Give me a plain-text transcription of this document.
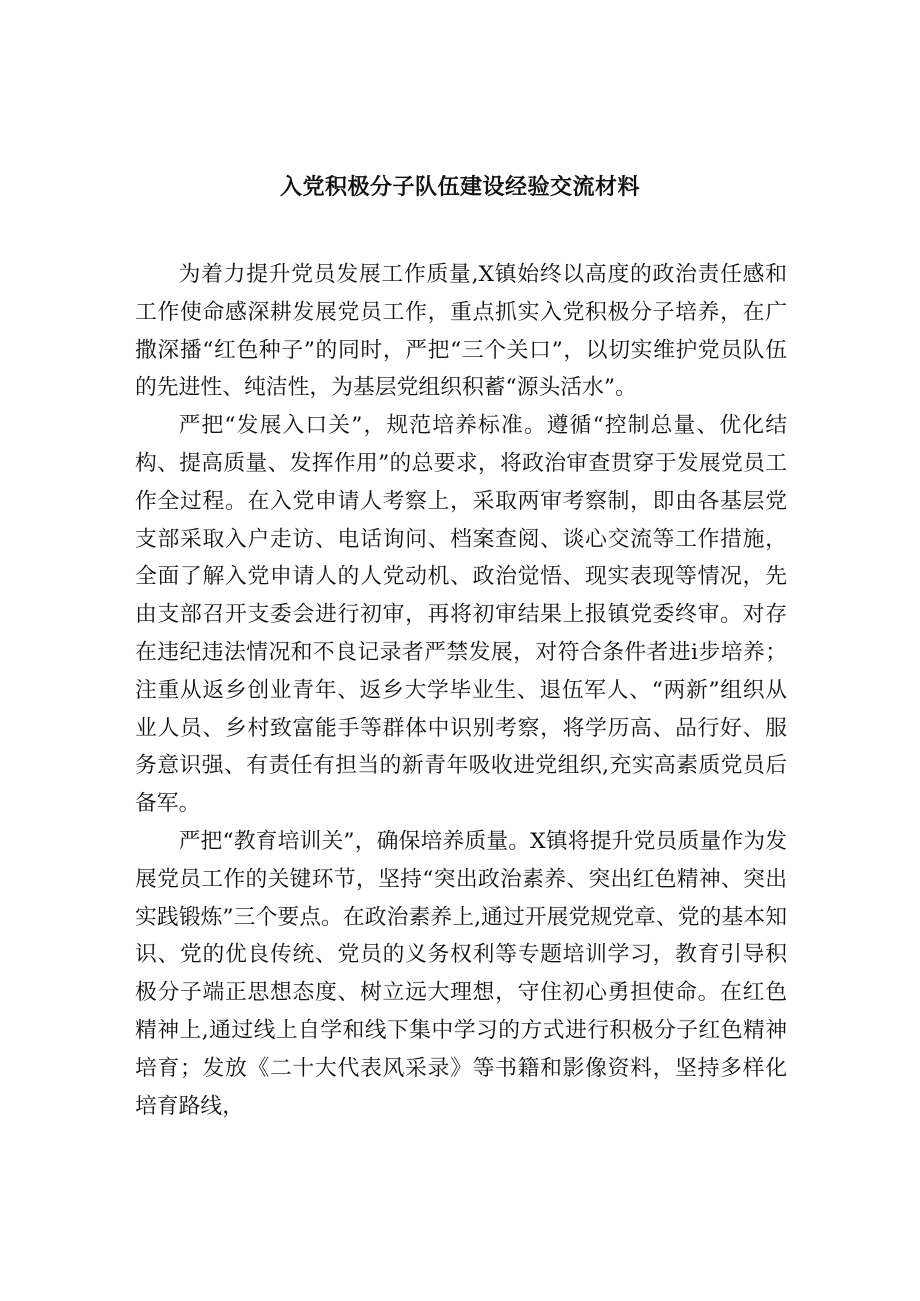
入党积极分子队伍建设经验交流材料

为着力提升党员发展工作质量,X镇始终以高度的政治责任感和工作使命感深耕发展党员工作，重点抓实入党积极分子培养，在广撒深播“红色种子”的同时，严把“三个关口”，以切实维护党员队伍的先进性、纯洁性，为基层党组织积蓄“源头活水”。

严把“发展入口关”，规范培养标准。遵循“控制总量、优化结构、提高质量、发挥作用”的总要求，将政治审查贯穿于发展党员工作全过程。在入党申请人考察上，采取两审考察制，即由各基层党支部采取入户走访、电话询问、档案查阅、谈心交流等工作措施，全面了解入党申请人的人党动机、政治觉悟、现实表现等情况，先由支部召开支委会进行初审，再将初审结果上报镇党委终审。对存在违纪违法情况和不良记录者严禁发展，对符合条件者进i步培养；注重从返乡创业青年、返乡大学毕业生、退伍军人、“两新”组织从业人员、乡村致富能手等群体中识别考察，将学历高、品行好、服务意识强、有责任有担当的新青年吸收进党组织,充实高素质党员后备军。

严把“教育培训关”，确保培养质量。X镇将提升党员质量作为发展党员工作的关键环节，坚持“突出政治素养、突出红色精神、突出实践锻炼”三个要点。在政治素养上,通过开展党规党章、党的基本知识、党的优良传统、党员的义务权利等专题培训学习，教育引导积极分子端正思想态度、树立远大理想，守住初心勇担使命。在红色精神上,通过线上自学和线下集中学习的方式进行积极分子红色精神培育；发放《二十大代表风采录》等书籍和影像资料，坚持多样化培育路线，
